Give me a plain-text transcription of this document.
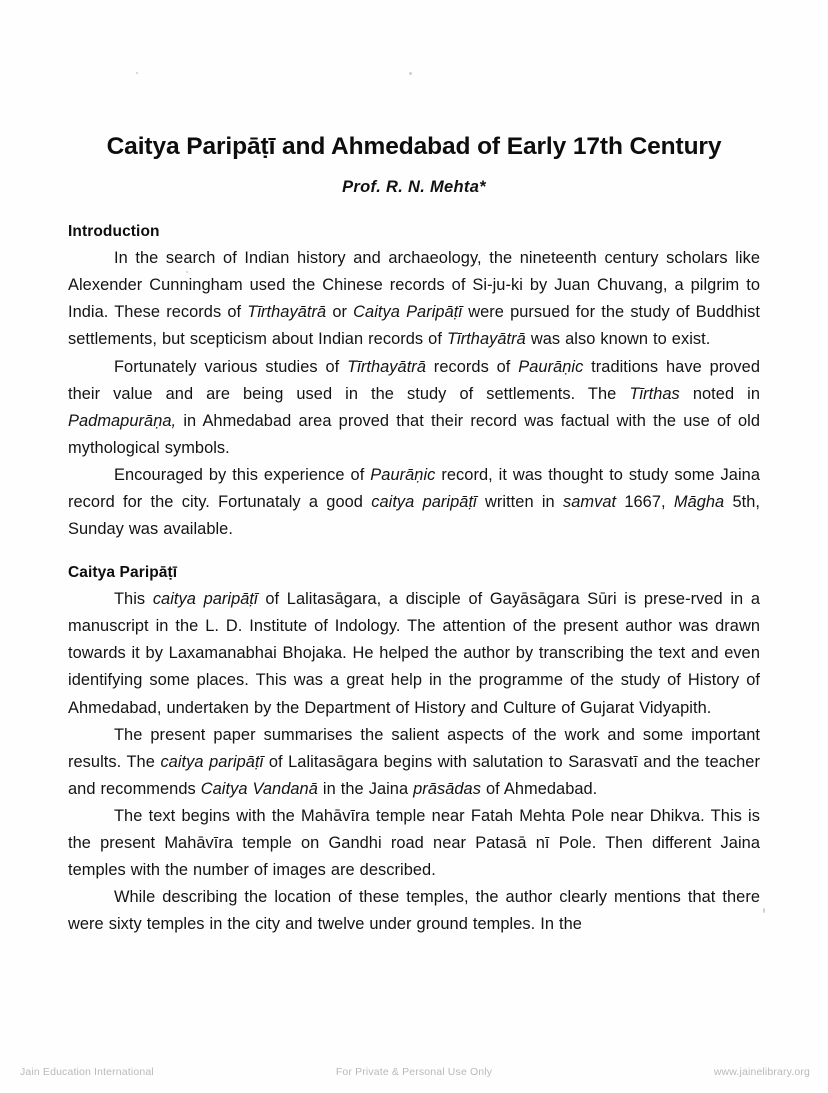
Caitya Paripāṭī and Ahmedabad of Early 17th Century
Prof. R. N. Mehta*
Introduction

In the search of Indian history and archaeology, the nineteenth century scholars like Alexender Cunningham used the Chinese records of Si-ju-ki by Juan Chuvang, a pilgrim to India. These records of Tīrthayātrā or Caitya Paripāṭī were pursued for the study of Buddhist settlements, but scepticism about Indian records of Tīrthayātrā was also known to exist.

Fortunately various studies of Tīrthayātrā records of Paurāṇic traditions have proved their value and are being used in the study of settlements. The Tīrthas noted in Padmapurāṇa, in Ahmedabad area proved that their record was factual with the use of old mythological symbols.

Encouraged by this experience of Paurāṇic record, it was thought to study some Jaina record for the city. Fortunataly a good caitya paripāṭī written in samvat 1667, Māgha 5th, Sunday was available.

Caitya Paripāṭī

This caitya paripāṭī of Lalitasāgara, a disciple of Gayāsāgara Sūri is prese-rved in a manuscript in the L. D. Institute of Indology. The attention of the present author was drawn towards it by Laxamanabhai Bhojaka. He helped the author by transcribing the text and even identifying some places. This was a great help in the programme of the study of History of Ahmedabad, undertaken by the Department of History and Culture of Gujarat Vidyapith.

The present paper summarises the salient aspects of the work and some important results. The caitya paripāṭī of Lalitasāgara begins with salutation to Sarasvatī and the teacher and recommends Caitya Vandanā in the Jaina prāsādas of Ahmedabad.

The text begins with the Mahāvīra temple near Fatah Mehta Pole near Dhikva. This is the present Mahāvīra temple on Gandhi road near Patasā nī Pole. Then different Jaina temples with the number of images are described.

While describing the location of these temples, the author clearly mentions that there were sixty temples in the city and twelve under ground temples. In the

Jain Education International	For Private & Personal Use Only	www.jainelibrary.org
